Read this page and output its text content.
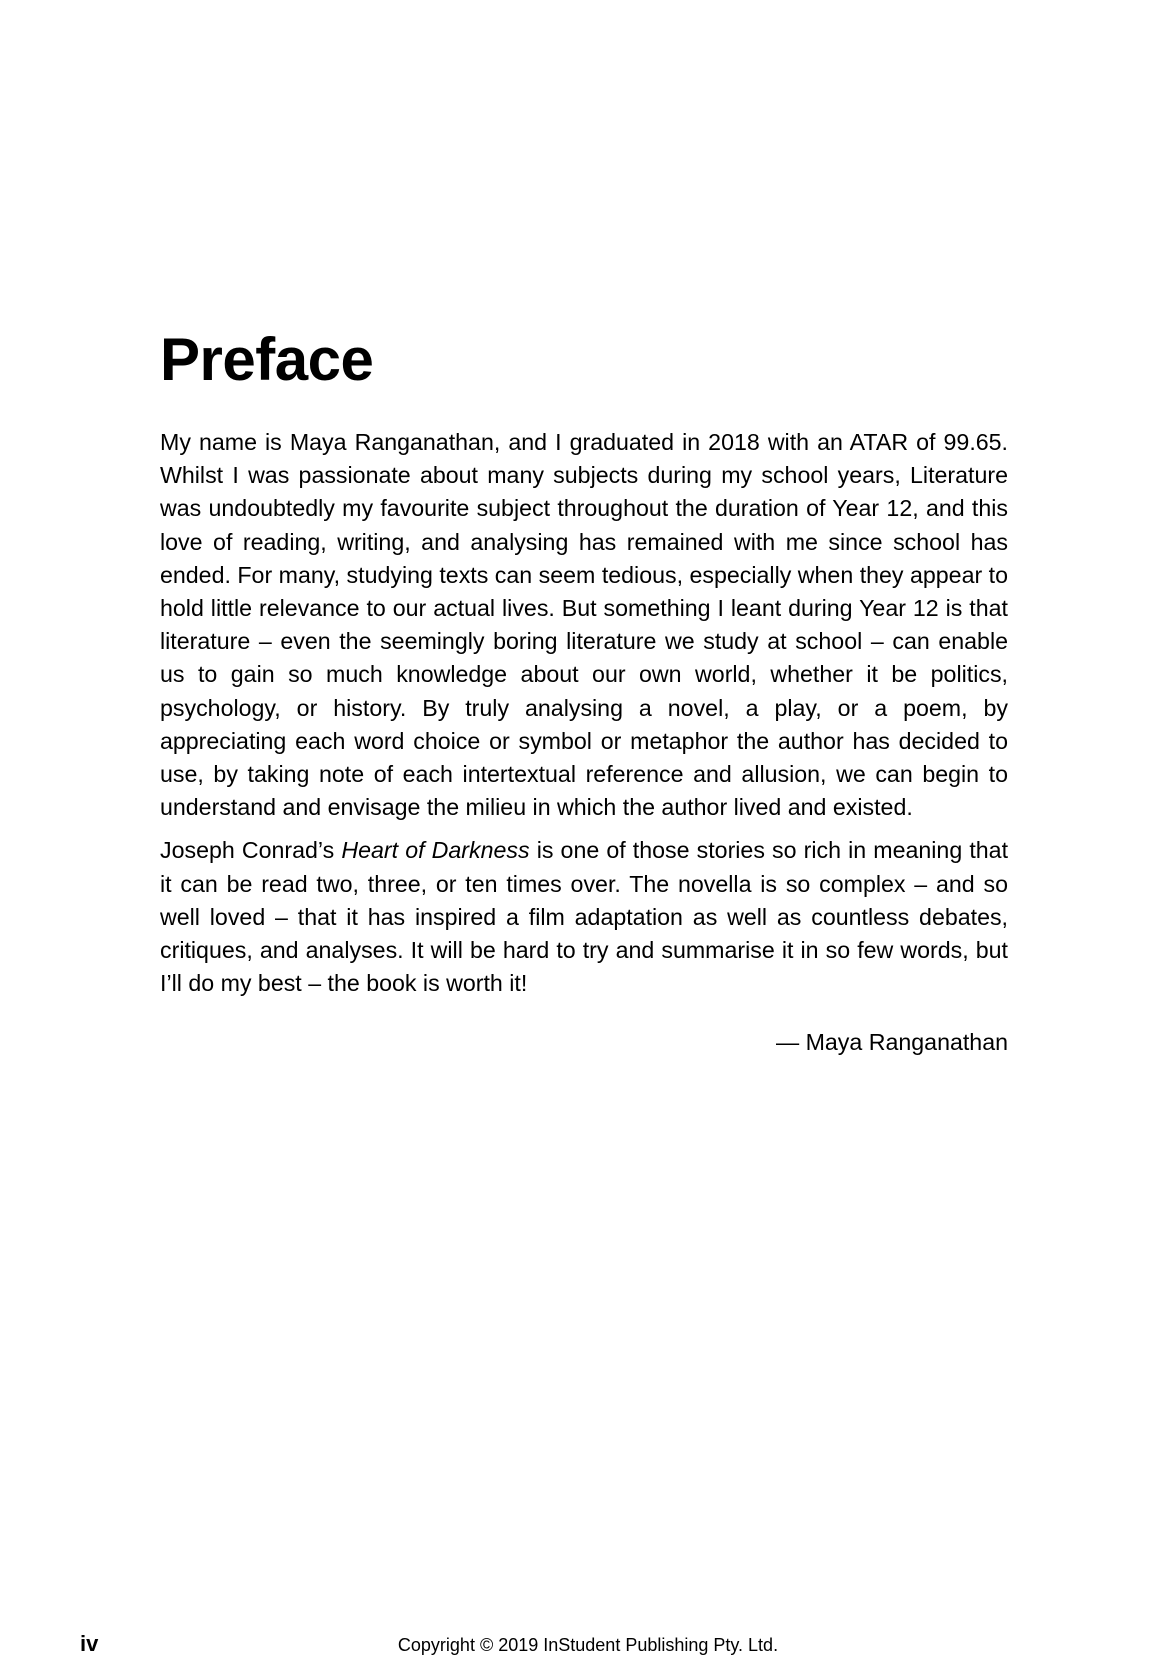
Preface

My name is Maya Ranganathan, and I graduated in 2018 with an ATAR of 99.65. Whilst I was passionate about many subjects during my school years, Literature was undoubtedly my favourite subject throughout the duration of Year 12, and this love of reading, writing, and analysing has remained with me since school has ended. For many, studying texts can seem tedious, especially when they appear to hold little relevance to our actual lives. But something I leant during Year 12 is that literature – even the seemingly boring literature we study at school – can enable us to gain so much knowledge about our own world, whether it be politics, psychology, or history. By truly analysing a novel, a play, or a poem, by appreciating each word choice or symbol or metaphor the author has decided to use, by taking note of each intertextual reference and allusion, we can begin to understand and envisage the milieu in which the author lived and existed.

Joseph Conrad’s Heart of Darkness is one of those stories so rich in meaning that it can be read two, three, or ten times over. The novella is so complex – and so well loved – that it has inspired a film adaptation as well as countless debates, critiques, and analyses. It will be hard to try and summarise it in so few words, but I’ll do my best – the book is worth it!

— Maya Ranganathan
iv	Copyright © 2019 InStudent Publishing Pty. Ltd.
